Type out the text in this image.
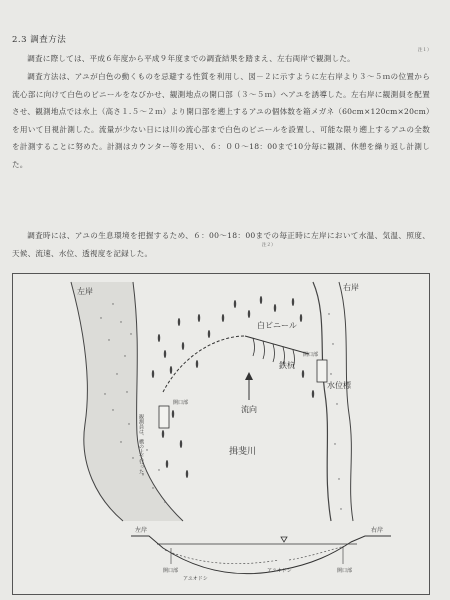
2.3 調査方法
調査に際しては、平成６年度から平成９年度までの調査結果を踏まえ、左右両岸で観測した。
注１）
調査方法は、アユが白色の動くものを忌避する性質を利用し、図－２に示すように左右岸より３～５ｍの位置から流心部に向けて白色のビニールをなびかせ、観測地点の開口部（３～５ｍ）へアユを誘導した。左右岸に観測員を配置させ、観測地点では水上（高さ１.５～２ｍ）より開口部を遡上するアユの個体数を箱メガネ（60cm×120cm×20cm）を用いて目視計測した。流量が少ない日には川の流心部まで白色のビニールを設置し、可能な限り遡上するアユの全数を計測することに努めた。計測はカウンター等を用い、６：００～18：00まで10分毎に観測、休憩を繰り返し計測した。
調査時には、アユの生息環境を把握するため、６：00～18：00までの毎正時に左岸において水温、気温、照度、天候、流速、水位、透視度を記録した。
注２）
左岸	右岸
白ビニール
鉄杭
水位標
開口部
開口部
流向
揖斐川
観測員は、橋の上で行った。
左岸	右岸
開口部	開口部
アユオドシ
アユオドシ
